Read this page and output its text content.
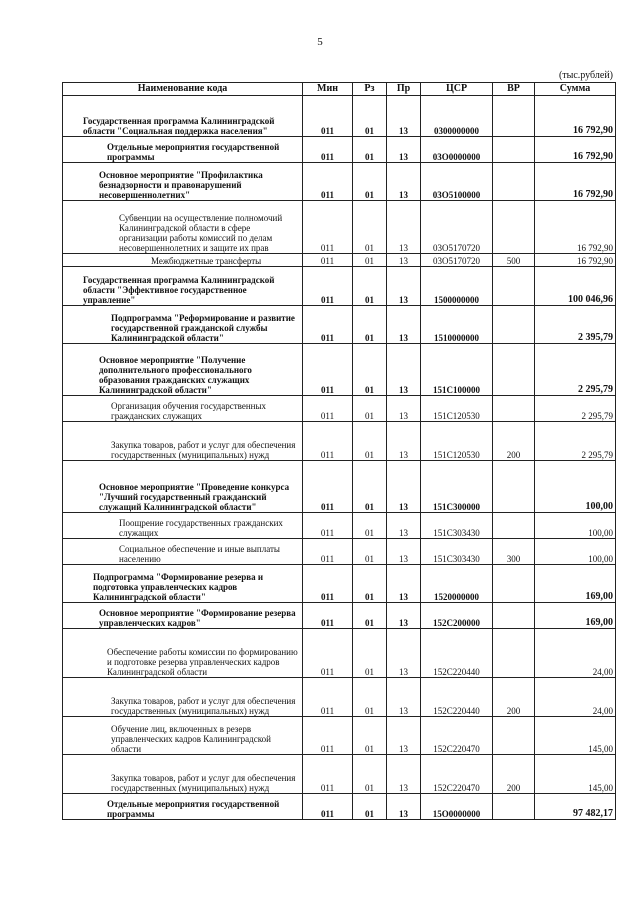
5
(тыс.рублей)
Наименование кода	Мин	Рз	Пр	ЦСР	ВР	Сумма
Государственная программа Калининградской области "Социальная поддержка населения"	011	01	13	0300000000		16 792,90
Отдельные мероприятия государственной программы	011	01	13	03O0000000		16 792,90
Основное мероприятие "Профилактика безнадзорности и правонарушений несовершеннолетних"	011	01	13	03O5100000		16 792,90
Субвенции на осуществление полномочий Калининградской области в сфере организации работы комиссий по делам несовершеннолетних и защите их прав	011	01	13	03O5170720		16 792,90
Межбюджетные трансферты	011	01	13	03O5170720	500	16 792,90
Государственная программа Калининградской области "Эффективное государственное управление"	011	01	13	1500000000		100 046,96
Подпрограмма "Реформирование и развитие государственной гражданской службы Калининградской области"	011	01	13	1510000000		2 395,79
Основное мероприятие "Получение дополнительного профессионального образования гражданских служащих Калининградской области"	011	01	13	151C100000		2 295,79
Организация обучения государственных гражданских служащих	011	01	13	151C120530		2 295,79
Закупка товаров, работ и услуг для обеспечения государственных (муниципальных) нужд	011	01	13	151C120530	200	2 295,79
Основное мероприятие "Проведение конкурса "Лучший государственный гражданский служащий Калининградской области"	011	01	13	151C300000		100,00
Поощрение государственных гражданских служащих	011	01	13	151C303430		100,00
Социальное обеспечение и иные выплаты населению	011	01	13	151C303430	300	100,00
Подпрограмма "Формирование резерва и подготовка управленческих кадров Калининградской области"	011	01	13	1520000000		169,00
Основное мероприятие "Формирование резерва управленческих кадров"	011	01	13	152C200000		169,00
Обеспечение работы комиссии по формированию и подготовке резерва управленческих кадров Калининградской области	011	01	13	152C220440		24,00
Закупка товаров, работ и услуг для обеспечения государственных (муниципальных) нужд	011	01	13	152C220440	200	24,00
Обучение лиц, включенных в резерв управленческих кадров Калининградской области	011	01	13	152C220470		145,00
Закупка товаров, работ и услуг для обеспечения государственных (муниципальных) нужд	011	01	13	152C220470	200	145,00
Отдельные мероприятия государственной программы	011	01	13	15O0000000		97 482,17
